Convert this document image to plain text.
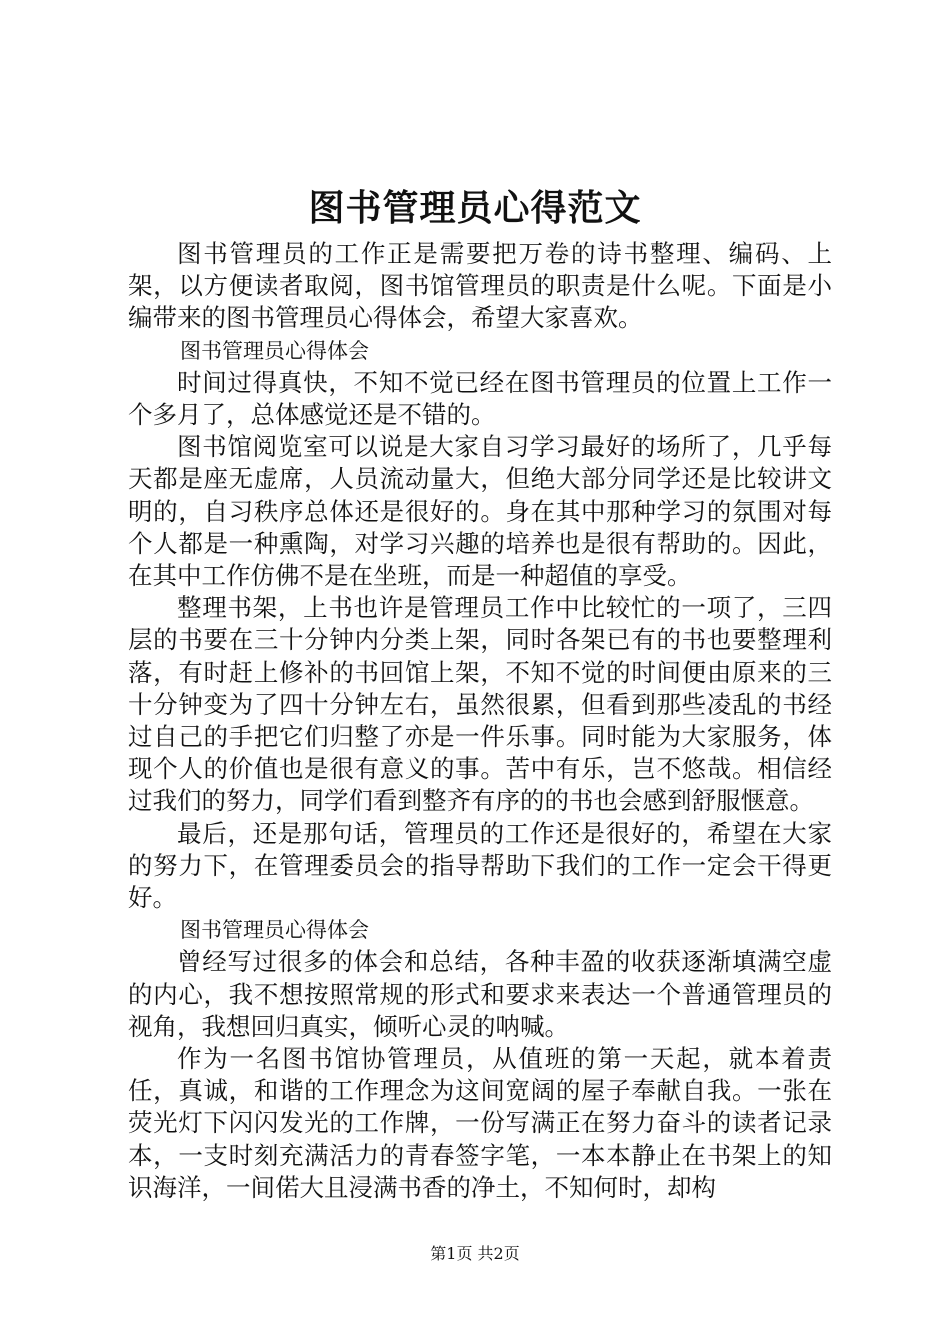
图书管理员心得范文

图书管理员的工作正是需要把万卷的诗书整理、编码、上架，以方便读者取阅，图书馆管理员的职责是什么呢。下面是小编带来的图书管理员心得体会，希望大家喜欢。

图书管理员心得体会

时间过得真快，不知不觉已经在图书管理员的位置上工作一个多月了，总体感觉还是不错的。

图书馆阅览室可以说是大家自习学习最好的场所了，几乎每天都是座无虚席，人员流动量大，但绝大部分同学还是比较讲文明的，自习秩序总体还是很好的。身在其中那种学习的氛围对每个人都是一种熏陶，对学习兴趣的培养也是很有帮助的。因此，在其中工作仿佛不是在坐班，而是一种超值的享受。

整理书架，上书也许是管理员工作中比较忙的一项了，三四层的书要在三十分钟内分类上架，同时各架已有的书也要整理利落，有时赶上修补的书回馆上架，不知不觉的时间便由原来的三十分钟变为了四十分钟左右，虽然很累，但看到那些凌乱的书经过自己的手把它们归整了亦是一件乐事。同时能为大家服务，体现个人的价值也是很有意义的事。苦中有乐，岂不悠哉。相信经过我们的努力，同学们看到整齐有序的的书也会感到舒服惬意。

最后，还是那句话，管理员的工作还是很好的，希望在大家的努力下，在管理委员会的指导帮助下我们的工作一定会干得更好。

图书管理员心得体会

曾经写过很多的体会和总结，各种丰盈的收获逐渐填满空虚的内心，我不想按照常规的形式和要求来表达一个普通管理员的视角，我想回归真实，倾听心灵的呐喊。

作为一名图书馆协管理员，从值班的第一天起，就本着责任，真诚，和谐的工作理念为这间宽阔的屋子奉献自我。一张在荧光灯下闪闪发光的工作牌，一份写满正在努力奋斗的读者记录本，一支时刻充满活力的青春签字笔，一本本静止在书架上的知识海洋，一间偌大且浸满书香的净土，不知何时，却构

第1页 共2页
